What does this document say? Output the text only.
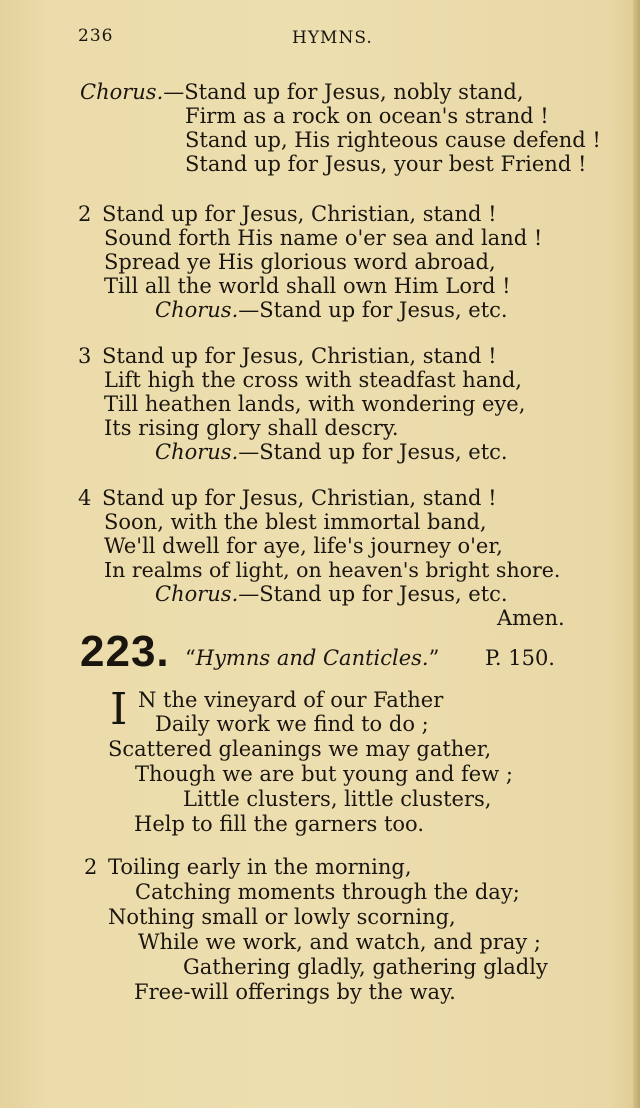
236	HYMNS.
Chorus.—Stand up for Jesus, nobly stand,
Firm as a rock on ocean's strand !
Stand up, His righteous cause defend !
Stand up for Jesus, your best Friend !
2 Stand up for Jesus, Christian, stand !
Sound forth His name o'er sea and land !
Spread ye His glorious word abroad,
Till all the world shall own Him Lord !
Chorus.—Stand up for Jesus, etc.
3 Stand up for Jesus, Christian, stand !
Lift high the cross with steadfast hand,
Till heathen lands, with wondering eye,
Its rising glory shall descry.
Chorus.—Stand up for Jesus, etc.
4 Stand up for Jesus, Christian, stand !
Soon, with the blest immortal band,
We'll dwell for aye, life's journey o'er,
In realms of light, on heaven's bright shore.
Chorus.—Stand up for Jesus, etc.
Amen.
223. “Hymns and Canticles.” P. 150.
I N the vineyard of our Father
Daily work we find to do ;
Scattered gleanings we may gather,
Though we are but young and few ;
Little clusters, little clusters,
Help to fill the garners too.
2 Toiling early in the morning,
Catching moments through the day;
Nothing small or lowly scorning,
While we work, and watch, and pray ;
Gathering gladly, gathering gladly
Free-will offerings by the way.
